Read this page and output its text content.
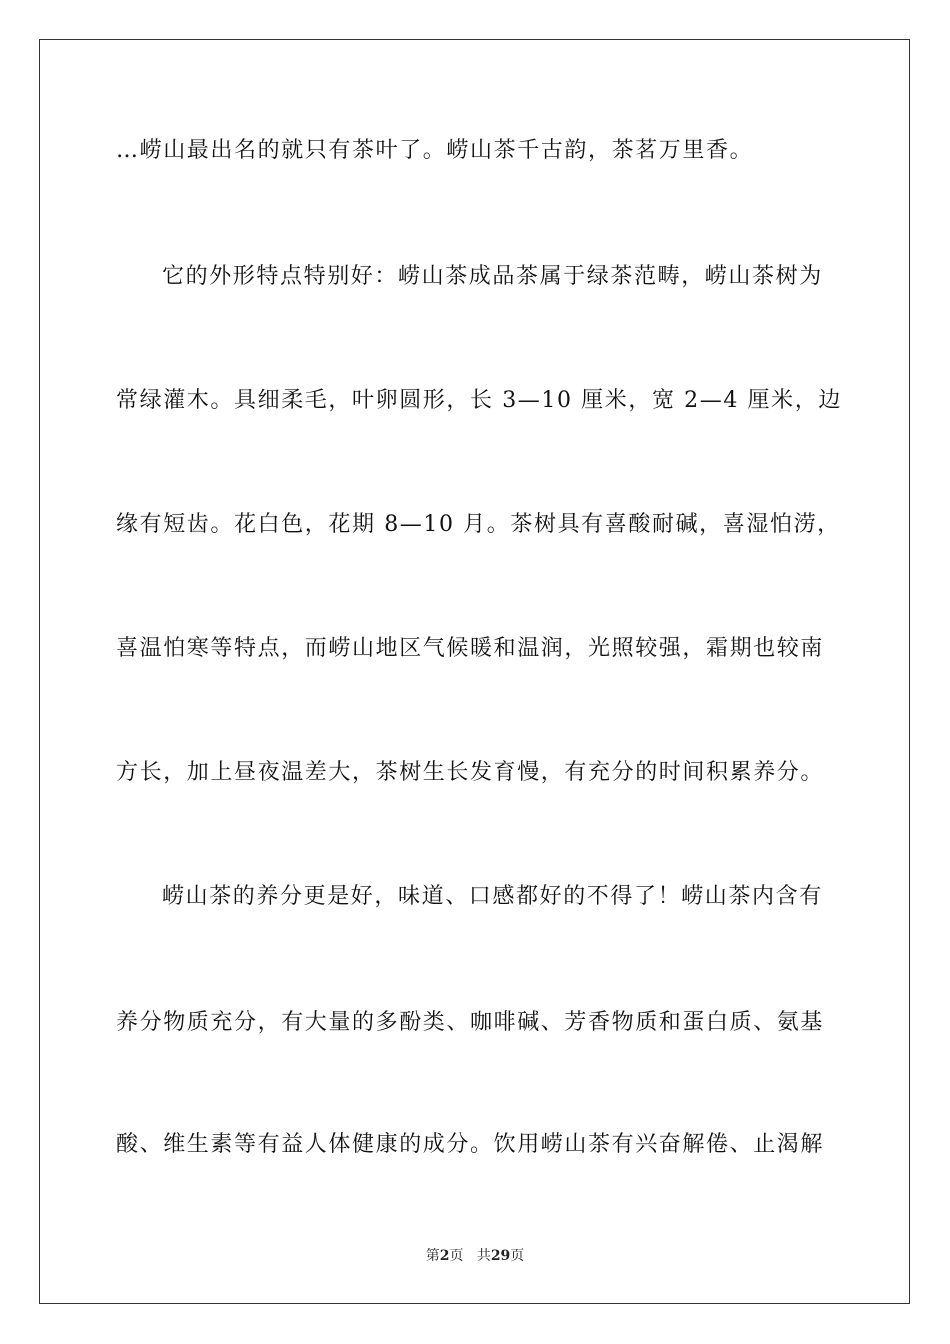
…崂山最出名的就只有茶叶了。崂山茶千古韵，茶茗万里香。
它的外形特点特别好：崂山茶成品茶属于绿茶范畴，崂山茶树为
常绿灌木。具细柔毛，叶卵圆形，长 3—10 厘米，宽 2—4 厘米，边
缘有短齿。花白色，花期 8—10 月。茶树具有喜酸耐碱，喜湿怕涝，
喜温怕寒等特点，而崂山地区气候暖和温润，光照较强，霜期也较南
方长，加上昼夜温差大，茶树生长发育慢，有充分的时间积累养分。
崂山茶的养分更是好，味道、口感都好的不得了！崂山茶内含有
养分物质充分，有大量的多酚类、咖啡碱、芳香物质和蛋白质、氨基
酸、维生素等有益人体健康的成分。饮用崂山茶有兴奋解倦、止渴解
第2页 共29页
